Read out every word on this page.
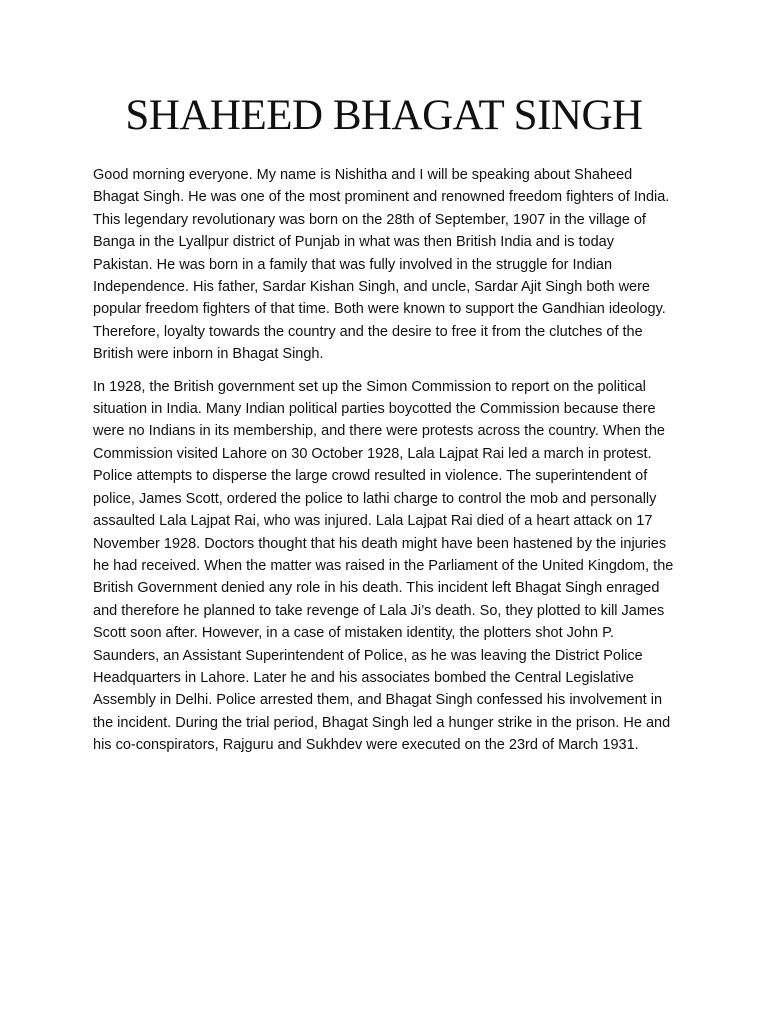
SHAHEED BHAGAT SINGH

Good morning everyone. My name is Nishitha and I will be speaking about Shaheed Bhagat Singh. He was one of the most prominent and renowned freedom fighters of India. This legendary revolutionary was born on the 28th of September, 1907 in the village of Banga in the Lyallpur district of Punjab in what was then British India and is today Pakistan. He was born in a family that was fully involved in the struggle for Indian Independence. His father, Sardar Kishan Singh, and uncle, Sardar Ajit Singh both were popular freedom fighters of that time. Both were known to support the Gandhian ideology. Therefore, loyalty towards the country and the desire to free it from the clutches of the British were inborn in Bhagat Singh.

In 1928, the British government set up the Simon Commission to report on the political situation in India. Many Indian political parties boycotted the Commission because there were no Indians in its membership, and there were protests across the country. When the Commission visited Lahore on 30 October 1928, Lala Lajpat Rai led a march in protest. Police attempts to disperse the large crowd resulted in violence. The superintendent of police, James Scott, ordered the police to lathi charge to control the mob and personally assaulted Lala Lajpat Rai, who was injured. Lala Lajpat Rai died of a heart attack on 17 November 1928. Doctors thought that his death might have been hastened by the injuries he had received. When the matter was raised in the Parliament of the United Kingdom, the British Government denied any role in his death. This incident left Bhagat Singh enraged and therefore he planned to take revenge of Lala Ji’s death. So, they plotted to kill James Scott soon after. However, in a case of mistaken identity, the plotters shot John P. Saunders, an Assistant Superintendent of Police, as he was leaving the District Police Headquarters in Lahore. Later he and his associates bombed the Central Legislative Assembly in Delhi. Police arrested them, and Bhagat Singh confessed his involvement in the incident. During the trial period, Bhagat Singh led a hunger strike in the prison. He and his co-conspirators, Rajguru and Sukhdev were executed on the 23rd of March 1931.
